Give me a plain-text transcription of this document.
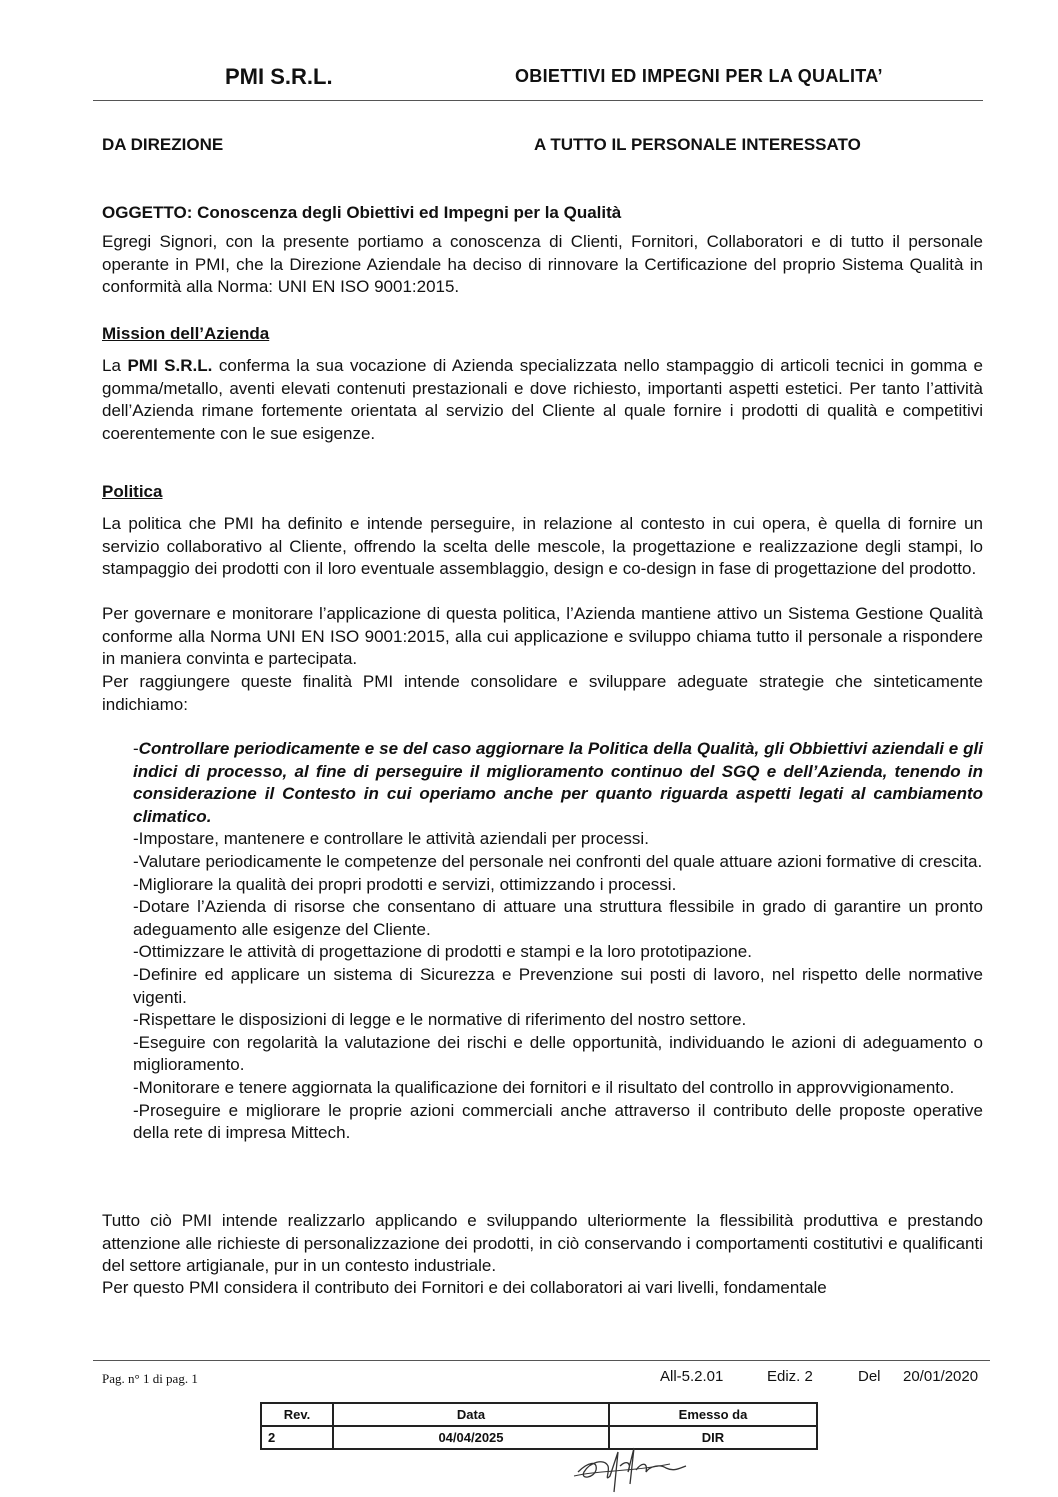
PMI S.R.L.	OBIETTIVI ED IMPEGNI PER LA QUALITA’
DA DIREZIONE	A TUTTO IL PERSONALE INTERESSATO
OGGETTO: Conoscenza degli Obiettivi ed Impegni per la Qualità

Egregi Signori, con la presente portiamo a conoscenza di Clienti, Fornitori, Collaboratori e di tutto il personale operante in PMI, che la Direzione Aziendale ha deciso di rinnovare la Certificazione del proprio Sistema Qualità in conformità alla Norma: UNI EN ISO 9001:2015.

Mission dell’Azienda

La PMI S.R.L. conferma la sua vocazione di Azienda specializzata nello stampaggio di articoli tecnici in gomma e gomma/metallo, aventi elevati contenuti prestazionali e dove richiesto, importanti aspetti estetici. Per tanto l’attività dell’Azienda rimane fortemente orientata al servizio del Cliente al quale fornire i prodotti di qualità e competitivi coerentemente con le sue esigenze.

Politica

La politica che PMI ha definito e intende perseguire, in relazione al contesto in cui opera, è quella di fornire un servizio collaborativo al Cliente, offrendo la scelta delle mescole, la progettazione e realizzazione degli stampi, lo stampaggio dei prodotti con il loro eventuale assemblaggio, design e co-design in fase di progettazione del prodotto.

Per governare e monitorare l’applicazione di questa politica, l’Azienda mantiene attivo un Sistema Gestione Qualità conforme alla Norma UNI EN ISO 9001:2015, alla cui applicazione e sviluppo chiama tutto il personale a rispondere in maniera convinta e partecipata.

Per raggiungere queste finalità PMI intende consolidare e sviluppare adeguate strategie che sinteticamente indichiamo:

-Controllare periodicamente e se del caso aggiornare la Politica della Qualità, gli Obbiettivi aziendali e gli indici di processo, al fine di perseguire il miglioramento continuo del SGQ e dell’Azienda, tenendo in considerazione il Contesto in cui operiamo anche per quanto riguarda aspetti legati al cambiamento climatico.

-Impostare, mantenere e controllare le attività aziendali per processi.

-Valutare periodicamente le competenze del personale nei confronti del quale attuare azioni formative di crescita.

-Migliorare la qualità dei propri prodotti e servizi, ottimizzando i processi.

-Dotare l’Azienda di risorse che consentano di attuare una struttura flessibile in grado di garantire un pronto adeguamento alle esigenze del Cliente.

-Ottimizzare le attività di progettazione di prodotti e stampi e la loro prototipazione.

-Definire ed applicare un sistema di Sicurezza e Prevenzione sui posti di lavoro, nel rispetto delle normative vigenti.

-Rispettare le disposizioni di legge e le normative di riferimento del nostro settore.

-Eseguire con regolarità la valutazione dei rischi e delle opportunità, individuando le azioni di adeguamento o miglioramento.

-Monitorare e tenere aggiornata la qualificazione dei fornitori e il risultato del controllo in approvvigionamento.

-Proseguire e migliorare le proprie azioni commerciali anche attraverso il contributo delle proposte operative della rete di impresa Mittech.

Tutto ciò PMI intende realizzarlo applicando e sviluppando ulteriormente la flessibilità produttiva e prestando attenzione alle richieste di personalizzazione dei prodotti, in ciò conservando i comportamenti costitutivi e qualificanti del settore artigianale, pur in un contesto industriale.

Per questo PMI considera il contributo dei Fornitori e dei collaboratori ai vari livelli, fondamentale

Pag. n° 1 di pag. 1	All-5.2.01	Ediz. 2	Del 20/01/2020
Rev.	Data	Emesso da
2	04/04/2025	DIR
